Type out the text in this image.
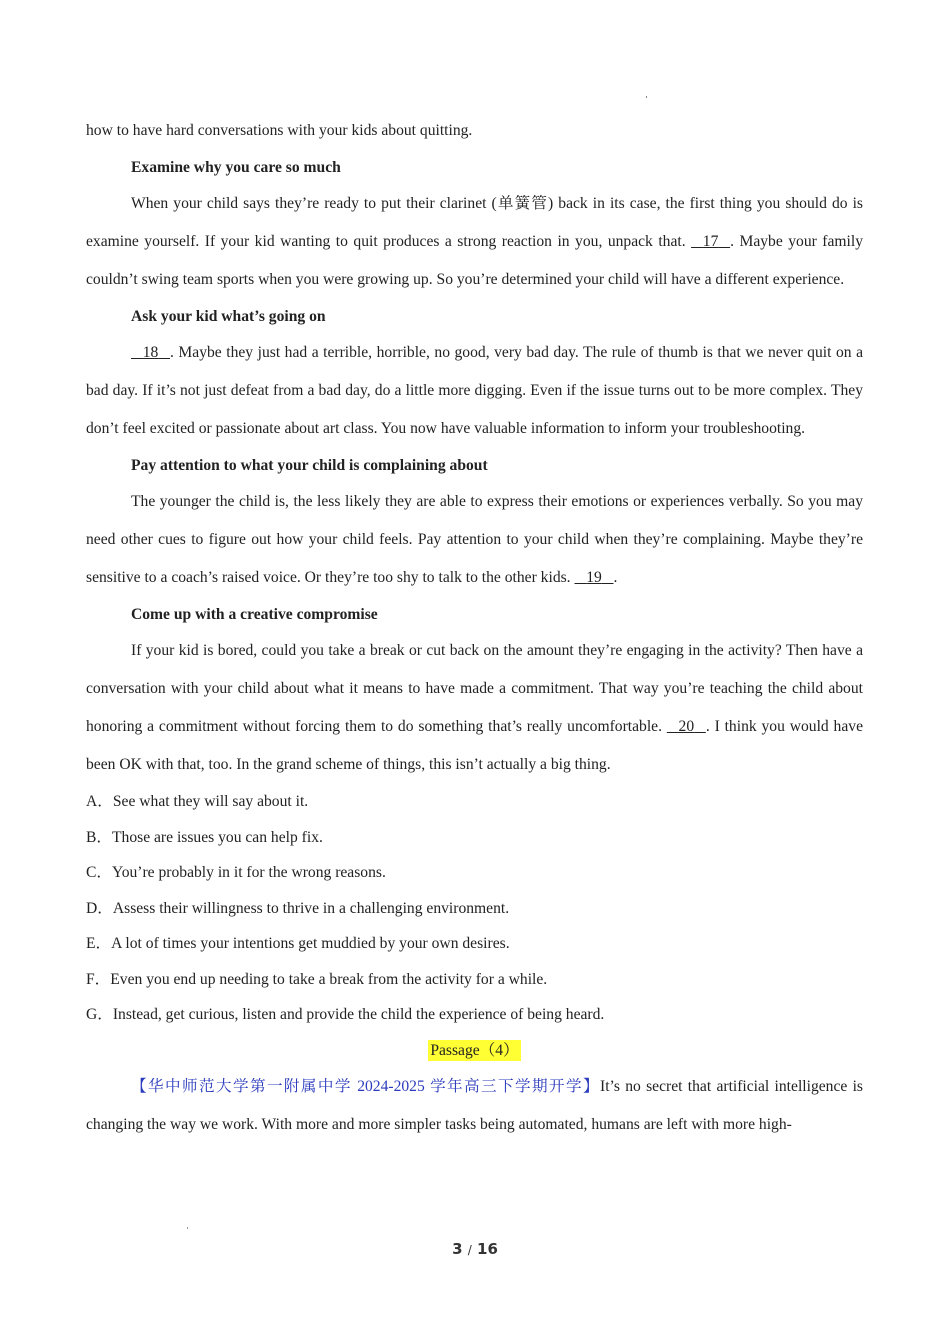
how to have hard conversations with your kids about quitting.

Examine why you care so much

When your child says they’re ready to put their clarinet (单簧管) back in its case, the first thing you should do is examine yourself. If your kid wanting to quit produces a strong reaction in you, unpack that.    17 . Maybe your family couldn’t swing team sports when you were growing up. So you’re determined your child will have a different experience.

Ask your kid what’s going on

18 . Maybe they just had a terrible, horrible, no good, very bad day. The rule of thumb is that we never quit on a bad day. If it’s not just defeat from a bad day, do a little more digging. Even if the issue turns out to be more complex. They don’t feel excited or passionate about art class. You now have valuable information to inform your troubleshooting.

Pay attention to what your child is complaining about

The younger the child is, the less likely they are able to express their emotions or experiences verbally. So you may need other cues to figure out how your child feels. Pay attention to your child when they’re complaining. Maybe they’re sensitive to a coach’s raised voice. Or they’re too shy to talk to the other kids.    19 .

Come up with a creative compromise

If your kid is bored, could you take a break or cut back on the amount they’re engaging in the activity? Then have a conversation with your child about what it means to have made a commitment. That way you’re teaching the child about honoring a commitment without forcing them to do something that’s really uncomfortable.    20 . I think you would have been OK with that, too. In the grand scheme of things, this isn’t actually a big thing.

A．See what they will say about it.

B．Those are issues you can help fix.

C．You’re probably in it for the wrong reasons.

D．Assess their willingness to thrive in a challenging environment.

E．A lot of times your intentions get muddied by your own desires.

F．Even you end up needing to take a break from the activity for a while.

G．Instead, get curious, listen and provide the child the experience of being heard.

Passage（4）

【华中师范大学第一附属中学 2024-2025 学年高三下学期开学】It’s no secret that artificial intelligence is changing the way we work. With more and more simpler tasks being automated, humans are left with more high-

3 / 16
